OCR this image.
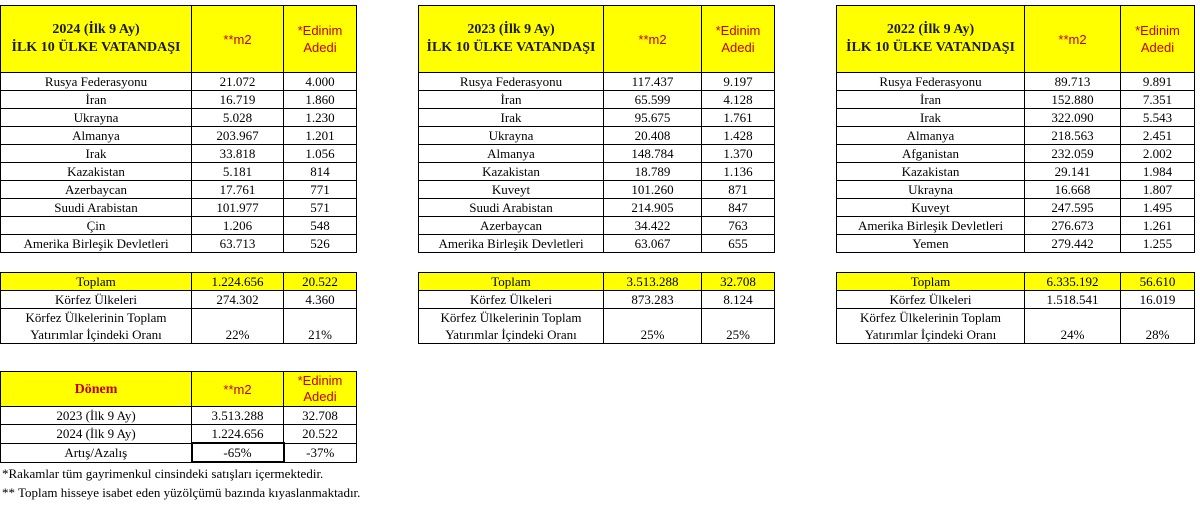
2024 (İlk 9 Ay)
İLK 10 ÜLKE VATANDAŞI	**m2	*Edinim
Adedi
Rusya Federasyonu	21.072	4.000
İran	16.719	1.860
Ukrayna	5.028	1.230
Almanya	203.967	1.201
Irak	33.818	1.056
Kazakistan	5.181	814
Azerbaycan	17.761	771
Suudi Arabistan	101.977	571
Çin	1.206	548
Amerika Birleşik Devletleri	63.713	526
Toplam	1.224.656	20.522
Körfez Ülkeleri	274.302	4.360
Körfez Ülkelerinin Toplam
Yatırımlar İçindeki Oranı	22%	21%
2023 (İlk 9 Ay)
İLK 10 ÜLKE VATANDAŞI	**m2	*Edinim
Adedi
Rusya Federasyonu	117.437	9.197
İran	65.599	4.128
Irak	95.675	1.761
Ukrayna	20.408	1.428
Almanya	148.784	1.370
Kazakistan	18.789	1.136
Kuveyt	101.260	871
Suudi Arabistan	214.905	847
Azerbaycan	34.422	763
Amerika Birleşik Devletleri	63.067	655
Toplam	3.513.288	32.708
Körfez Ülkeleri	873.283	8.124
Körfez Ülkelerinin Toplam
Yatırımlar İçindeki Oranı	25%	25%
2022 (İlk 9 Ay)
İLK 10 ÜLKE VATANDAŞI	**m2	*Edinim
Adedi
Rusya Federasyonu	89.713	9.891
İran	152.880	7.351
Irak	322.090	5.543
Almanya	218.563	2.451
Afganistan	232.059	2.002
Kazakistan	29.141	1.984
Ukrayna	16.668	1.807
Kuveyt	247.595	1.495
Amerika Birleşik Devletleri	276.673	1.261
Yemen	279.442	1.255
Toplam	6.335.192	56.610
Körfez Ülkeleri	1.518.541	16.019
Körfez Ülkelerinin Toplam
Yatırımlar İçindeki Oranı	24%	28%
Dönem	**m2	*Edinim
Adedi
2023 (İlk 9 Ay)	3.513.288	32.708
2024 (İlk 9 Ay)	1.224.656	20.522
Artış/Azalış	-65%	-37%
*Rakamlar tüm gayrimenkul cinsindeki satışları içermektedir.
** Toplam hisseye isabet eden yüzölçümü bazında kıyaslanmaktadır.
